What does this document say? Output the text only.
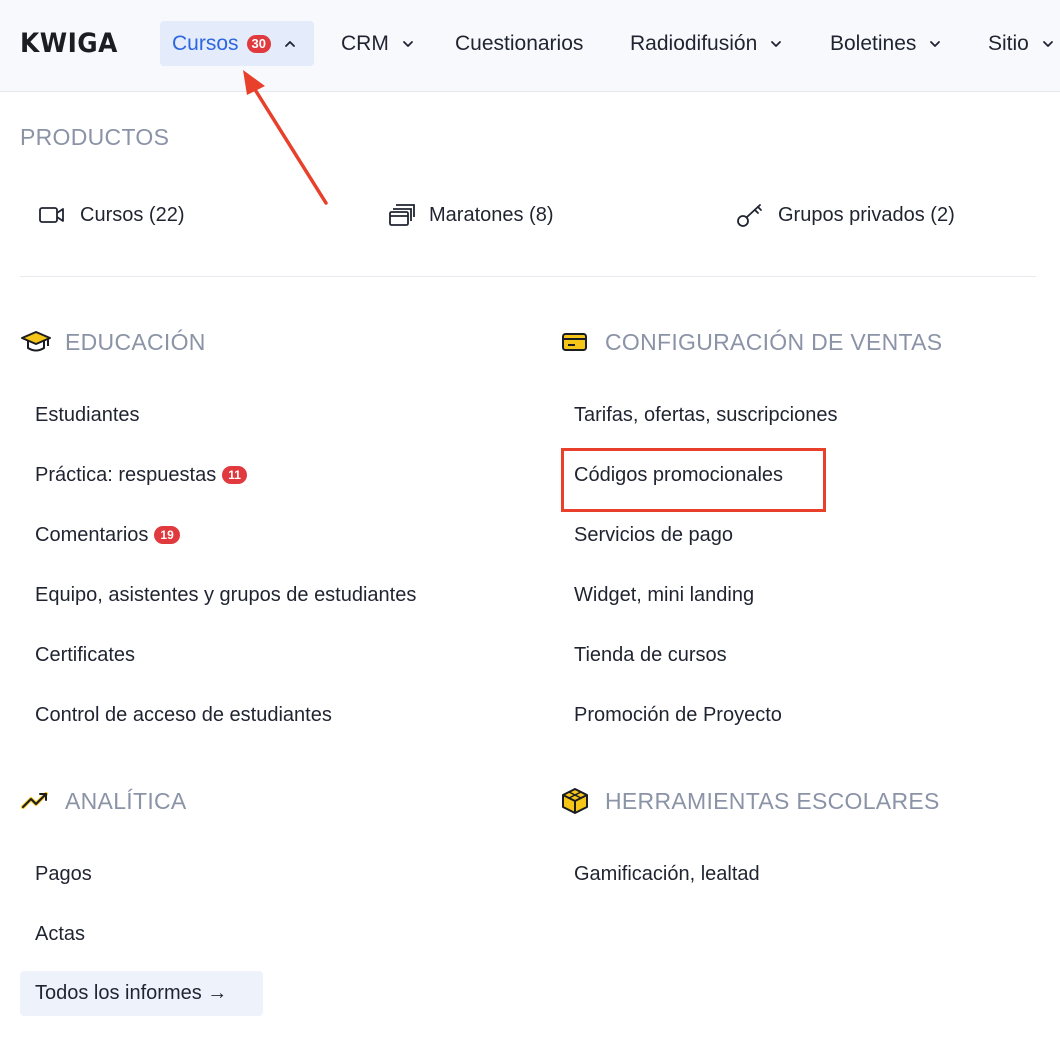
KWIGA	Cursos	30	CRM	Cuestionarios Radiodifusión	Boletines	Sitio
PRODUCTOS
Cursos (22)	Maratones (8)	Grupos privados (2)
EDUCACIÓN
Estudiantes
Práctica: respuestas	11
Comentarios	19
Equipo, asistentes y grupos de estudiantes
Certificates
Control de acceso de estudiantes
CONFIGURACIÓN DE VENTAS
Tarifas, ofertas, suscripciones
Códigos promocionales
Servicios de pago
Widget, mini landing
Tienda de cursos
Promoción de Proyecto
ANALÍTICA
Pagos
Actas
Todos los informes →
HERRAMIENTAS ESCOLARES
Gamificación, lealtad
